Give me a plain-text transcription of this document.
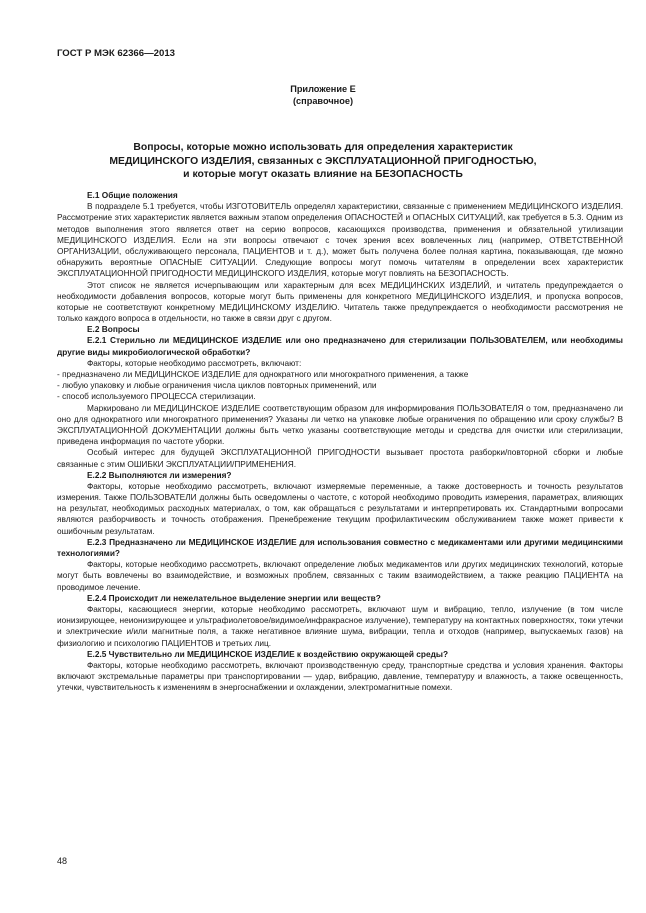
ГОСТ Р МЭК 62366—2013
Приложение Е
(справочное)
Вопросы, которые можно использовать для определения характеристик
МЕДИЦИНСКОГО ИЗДЕЛИЯ, связанных с ЭКСПЛУАТАЦИОННОЙ ПРИГОДНОСТЬЮ,
и которые могут оказать влияние на БЕЗОПАСНОСТЬ

Е.1 Общие положения

В подразделе 5.1 требуется, чтобы ИЗГОТОВИТЕЛЬ определял характеристики, связанные с применением МЕДИЦИНСКОГО ИЗДЕЛИЯ. Рассмотрение этих характеристик является важным этапом определения ОПАСНОСТЕЙ и ОПАСНЫХ СИТУАЦИЙ, как требуется в 5.3. Одним из методов выполнения этого является ответ на серию вопросов, касающихся производства, применения и обязательной утилизации МЕДИЦИНСКОГО ИЗДЕЛИЯ. Если на эти вопросы отвечают с точек зрения всех вовлеченных лиц (например, ОТВЕТСТВЕННОЙ ОРГАНИЗАЦИИ, обслуживающего персонала, ПАЦИЕНТОВ и т. д.), может быть получена более полная картина, показывающая, где можно обнаружить вероятные ОПАСНЫЕ СИТУАЦИИ. Следующие вопросы могут помочь читателям в определении всех характеристик ЭКСПЛУАТАЦИОННОЙ ПРИГОДНОСТИ МЕДИЦИНСКОГО ИЗДЕЛИЯ, которые могут повлиять на БЕЗОПАСНОСТЬ.

Этот список не является исчерпывающим или характерным для всех МЕДИЦИНСКИХ ИЗДЕЛИЙ, и читатель предупреждается о необходимости добавления вопросов, которые могут быть применены для конкретного МЕДИЦИНСКОГО ИЗДЕЛИЯ, и пропуска вопросов, которые не соответствуют конкретному МЕДИЦИНСКОМУ ИЗДЕЛИЮ. Читатель также предупреждается о необходимости рассмотрения не только каждого вопроса в отдельности, но также в связи друг с другом.

Е.2 Вопросы

Е.2.1 Стерильно ли МЕДИЦИНСКОЕ ИЗДЕЛИЕ или оно предназначено для стерилизации ПОЛЬЗОВАТЕЛЕМ, или необходимы другие виды микробиологической обработки?

Факторы, которые необходимо рассмотреть, включают:

- предназначено ли МЕДИЦИНСКОЕ ИЗДЕЛИЕ для однократного или многократного применения, а также

- любую упаковку и любые ограничения числа циклов повторных применений, или

- способ используемого ПРОЦЕССА стерилизации.

Маркировано ли МЕДИЦИНСКОЕ ИЗДЕЛИЕ соответствующим образом для информирования ПОЛЬЗОВАТЕЛЯ о том, предназначено ли оно для однократного или многократного применения? Указаны ли четко на упаковке любые ограничения по обращению или сроку службы? В ЭКСПЛУАТАЦИОННОЙ ДОКУМЕНТАЦИИ должны быть четко указаны соответствующие методы и средства для очистки или стерилизации, приведена информация по частоте уборки.

Особый интерес для будущей ЭКСПЛУАТАЦИОННОЙ ПРИГОДНОСТИ вызывает простота разборки/повторной сборки и любые связанные с этим ОШИБКИ ЭКСПЛУАТАЦИИ/ПРИМЕНЕНИЯ.

Е.2.2 Выполняются ли измерения?

Факторы, которые необходимо рассмотреть, включают измеряемые переменные, а также достоверность и точность результатов измерения. Также ПОЛЬЗОВАТЕЛИ должны быть осведомлены о частоте, с которой необходимо проводить измерения, параметрах, влияющих на результат, необходимых расходных материалах, о том, как обращаться с результатами и интерпретировать их. Стандартными вопросами являются разборчивость и точность отображения. Пренебрежение текущим профилактическим обслуживанием также может привести к ошибочным результатам.

Е.2.3 Предназначено ли МЕДИЦИНСКОЕ ИЗДЕЛИЕ для использования совместно с медикаментами или другими медицинскими технологиями?

Факторы, которые необходимо рассмотреть, включают определение любых медикаментов или других медицинских технологий, которые могут быть вовлечены во взаимодействие, и возможных проблем, связанных с таким взаимодействием, а также реакцию ПАЦИЕНТА на проводимое лечение.

Е.2.4 Происходит ли нежелательное выделение энергии или веществ?

Факторы, касающиеся энергии, которые необходимо рассмотреть, включают шум и вибрацию, тепло, излучение (в том числе ионизирующее, неионизирующее и ультрафиолетовое/видимое/инфракрасное излучение), температуру на контактных поверхностях, токи утечки и электрические и/или магнитные поля, а также негативное влияние шума, вибрации, тепла и отходов (например, выпускаемых газов) на физиологию и психологию ПАЦИЕНТОВ и третьих лиц.

Е.2.5 Чувствительно ли МЕДИЦИНСКОЕ ИЗДЕЛИЕ к воздействию окружающей среды?

Факторы, которые необходимо рассмотреть, включают производственную среду, транспортные средства и условия хранения. Факторы включают экстремальные параметры при транспортировании — удар, вибрацию, давление, температуру и влажность, а также освещенность, утечки, чувствительность к изменениям в энергоснабжении и охлаждении, электромагнитные помехи.

48
